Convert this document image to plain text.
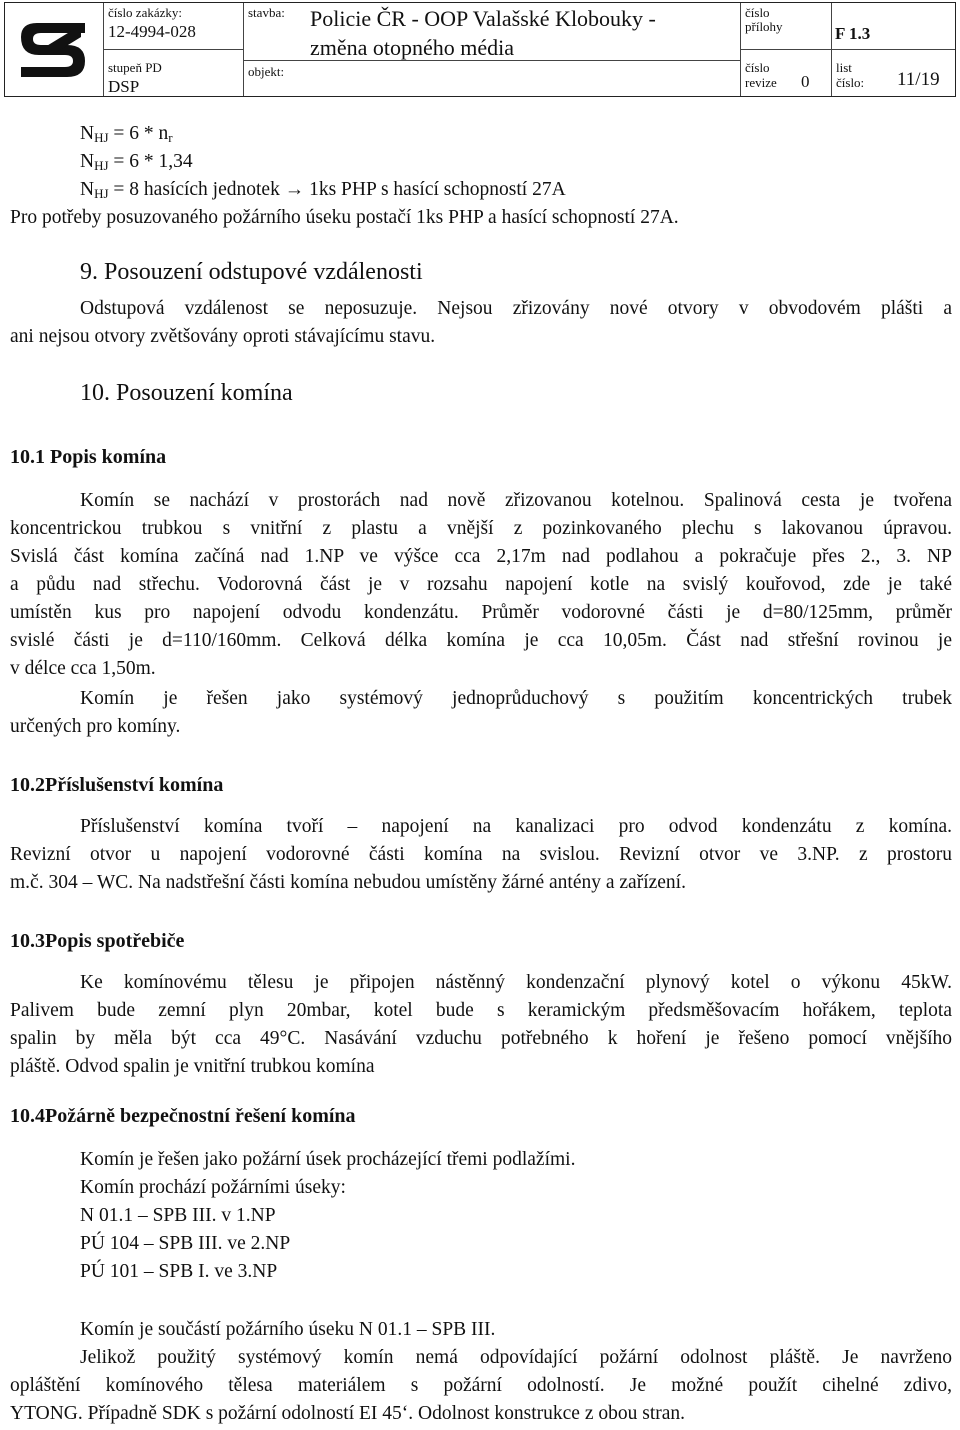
číslo zakázky:
12-4994-028
stupeň PD
DSP
stavba: Policie ČR - OOP Valašské Klobouky -
změna otopného média
objekt:
číslo
přílohy	F 1.3
číslo
revize 0
list
číslo: 11/19
$N_{HJ} = 6 * n_r$
$N_{HJ} = 6 * 1,34$
$N_{HJ} = 8$ hasících jednotek → 1ks PHP s hasící schopností 27A
Pro potřeby posuzovaného požárního úseku postačí 1ks PHP a hasící schopností 27A.
9. Posouzení odstupové vzdálenosti
Odstupová vzdálenost se neposuzuje. Nejsou zřizovány nové otvory v obvodovém plášti a
ani nejsou otvory zvětšovány oproti stávajícímu stavu.
10. Posouzení komína
10.1 Popis komína
Komín se nachází v prostorách nad nově zřizovanou kotelnou. Spalinová cesta je tvořena
koncentrickou trubkou s vnitřní z plastu a vnější z pozinkovaného plechu s lakovanou úpravou.
Svislá část komína začíná nad 1.NP ve výšce cca 2,17m nad podlahou a pokračuje přes 2., 3. NP
a půdu nad střechu. Vodorovná část je v rozsahu napojení kotle na svislý kouřovod, zde je také
umístěn kus pro napojení odvodu kondenzátu. Průměr vodorovné části je d=80/125mm, průměr
svislé části je d=110/160mm. Celková délka komína je cca 10,05m. Část nad střešní rovinou je
v délce cca 1,50m.
Komín je řešen jako systémový jednoprůduchový s použitím koncentrických trubek
určených pro komíny.
10.2Příslušenství komína
Příslušenství komína tvoří – napojení na kanalizaci pro odvod kondenzátu z komína.
Revizní otvor u napojení vodorovné části komína na svislou. Revizní otvor ve 3.NP. z prostoru
m.č. 304 – WC. Na nadstřešní části komína nebudou umístěny žárné antény a zařízení.
10.3Popis spotřebiče
Ke komínovému tělesu je připojen nástěnný kondenzační plynový kotel o výkonu 45kW.
Palivem bude zemní plyn 20mbar, kotel bude s keramickým předsměšovacím hořákem, teplota
spalin by měla být cca 49°C. Nasávání vzduchu potřebného k hoření je řešeno pomocí vnějšího
pláště. Odvod spalin je vnitřní trubkou komína
10.4Požárně bezpečnostní řešení komína
Komín je řešen jako požární úsek procházející třemi podlažími.
Komín prochází požárními úseky:
N 01.1 – SPB III. v 1.NP
PÚ 104 – SPB III. ve 2.NP
PÚ 101 – SPB I. ve 3.NP
Komín je součástí požárního úseku N 01.1 – SPB III.
Jelikož použitý systémový komín nemá odpovídající požární odolnost pláště. Je navrženo
opláštění komínového tělesa materiálem s požární odolností. Je možné použít cihelné zdivo,
YTONG. Případně SDK s požární odolností EI 45‘. Odolnost konstrukce z obou stran.
